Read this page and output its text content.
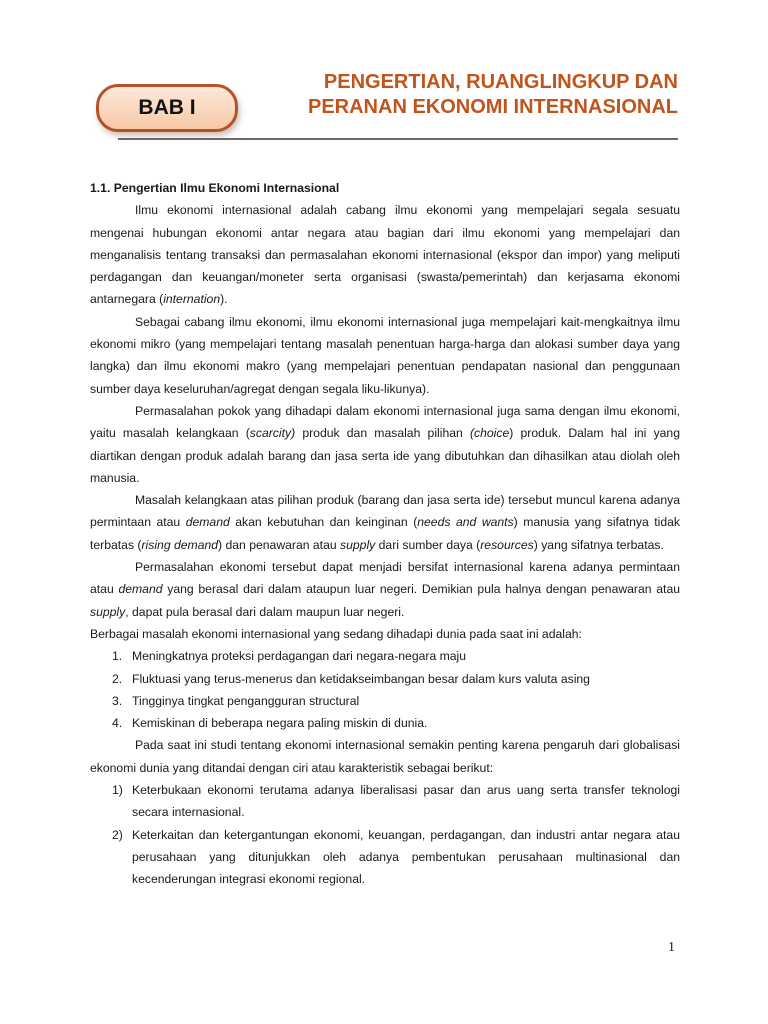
BAB I
PENGERTIAN, RUANGLINGKUP DAN
PERANAN EKONOMI INTERNASIONAL

1.1. Pengertian Ilmu Ekonomi Internasional

Ilmu ekonomi internasional adalah cabang ilmu ekonomi yang mempelajari segala sesuatu mengenai hubungan ekonomi antar negara atau bagian dari ilmu ekonomi yang mempelajari dan menganalisis tentang transaksi dan permasalahan ekonomi internasional (ekspor dan impor) yang meliputi perdagangan dan keuangan/moneter serta organisasi (swasta/pemerintah) dan kerjasama ekonomi antarnegara (internation).

Sebagai cabang ilmu ekonomi, ilmu ekonomi internasional juga mempelajari kait-mengkaitnya ilmu ekonomi mikro (yang mempelajari tentang masalah penentuan harga-harga dan alokasi sumber daya yang langka) dan ilmu ekonomi makro (yang mempelajari penentuan pendapatan nasional dan penggunaan sumber daya keseluruhan/agregat dengan segala liku-likunya).

Permasalahan pokok yang dihadapi dalam ekonomi internasional juga sama dengan ilmu ekonomi, yaitu masalah kelangkaan (scarcity) produk dan masalah pilihan (choice) produk. Dalam hal ini yang diartikan dengan produk adalah barang dan jasa serta ide yang dibutuhkan dan dihasilkan atau diolah oleh manusia.

Masalah kelangkaan atas pilihan produk (barang dan jasa serta ide) tersebut muncul karena adanya permintaan atau demand akan kebutuhan dan keinginan (needs and wants) manusia yang sifatnya tidak terbatas (rising demand) dan penawaran atau supply dari sumber daya (resources) yang sifatnya terbatas.

Permasalahan ekonomi tersebut dapat menjadi bersifat internasional karena adanya permintaan atau demand yang berasal dari dalam ataupun luar negeri. Demikian pula halnya dengan penawaran atau supply, dapat pula berasal dari dalam maupun luar negeri.

Berbagai masalah ekonomi internasional yang sedang dihadapi dunia pada saat ini adalah:

1. Meningkatnya proteksi perdagangan dari negara-negara maju
2. Fluktuasi yang terus-menerus dan ketidakseimbangan besar dalam kurs valuta asing
3. Tingginya tingkat pengangguran structural
4. Kemiskinan di beberapa negara paling miskin di dunia.

Pada saat ini studi tentang ekonomi internasional semakin penting karena pengaruh dari globalisasi ekonomi dunia yang ditandai dengan ciri atau karakteristik sebagai berikut:

1) Keterbukaan ekonomi terutama adanya liberalisasi pasar dan arus uang serta transfer teknologi secara internasional.
2) Keterkaitan dan ketergantungan ekonomi, keuangan, perdagangan, dan industri antar negara atau perusahaan yang ditunjukkan oleh adanya pembentukan perusahaan multinasional dan kecenderungan integrasi ekonomi regional.
1
